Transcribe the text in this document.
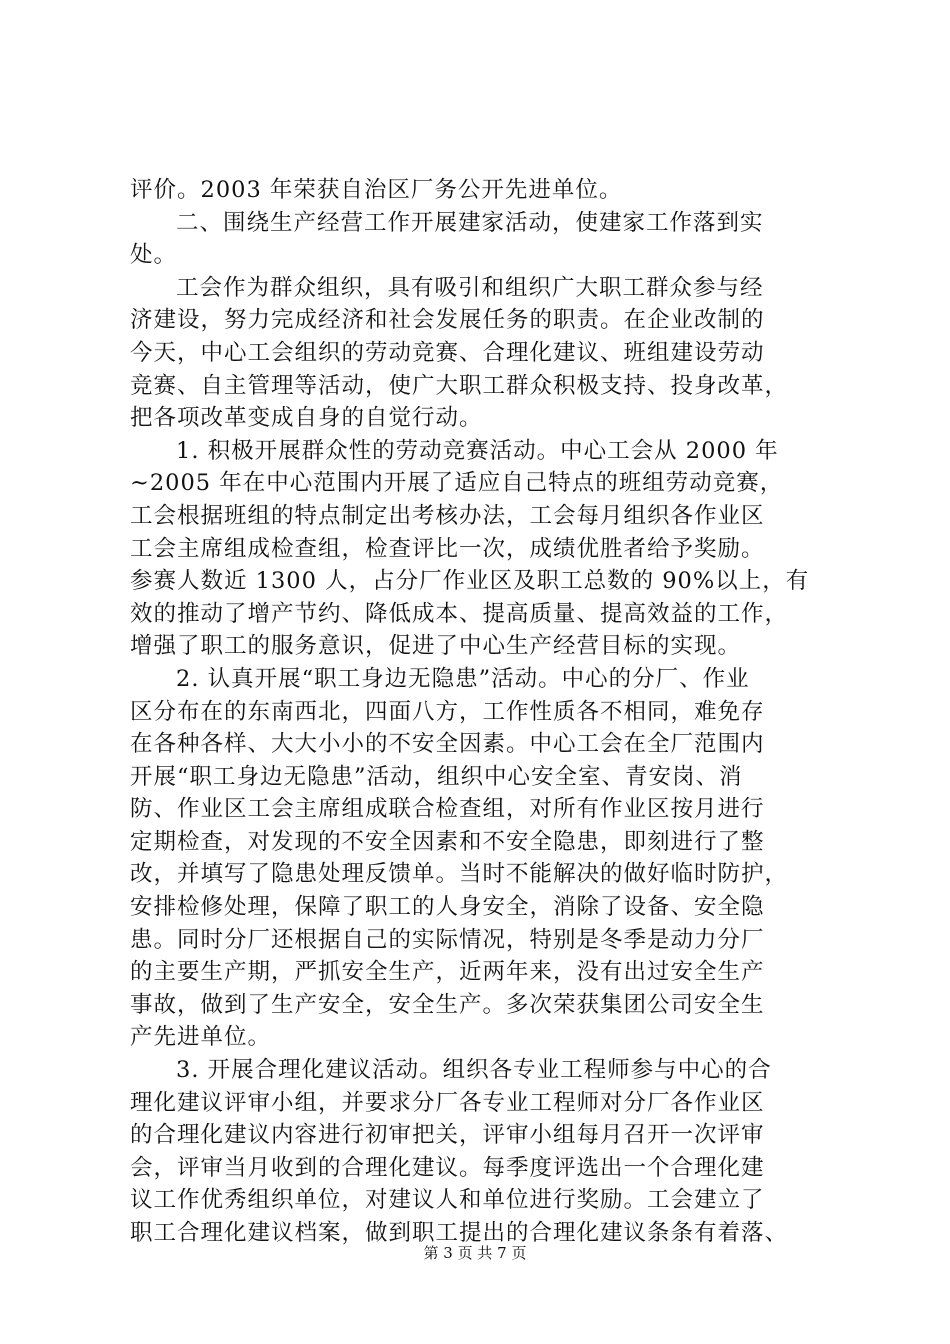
评价。2003 年荣获自治区厂务公开先进单位。
二、围绕生产经营工作开展建家活动，使建家工作落到实
处。
工会作为群众组织，具有吸引和组织广大职工群众参与经
济建设，努力完成经济和社会发展任务的职责。在企业改制的
今天，中心工会组织的劳动竞赛、合理化建议、班组建设劳动
竞赛、自主管理等活动，使广大职工群众积极支持、投身改革，
把各项改革变成自身的自觉行动。
1. 积极开展群众性的劳动竞赛活动。中心工会从 2000 年
~2005 年在中心范围内开展了适应自己特点的班组劳动竞赛，
工会根据班组的特点制定出考核办法，工会每月组织各作业区
工会主席组成检查组，检查评比一次，成绩优胜者给予奖励。
参赛人数近 1300 人，占分厂作业区及职工总数的 90%以上，有
效的推动了增产节约、降低成本、提高质量、提高效益的工作，
增强了职工的服务意识，促进了中心生产经营目标的实现。
2. 认真开展“职工身边无隐患”活动。中心的分厂、作业
区分布在的东南西北，四面八方，工作性质各不相同，难免存
在各种各样、大大小小的不安全因素。中心工会在全厂范围内
开展“职工身边无隐患”活动，组织中心安全室、青安岗、消
防、作业区工会主席组成联合检查组，对所有作业区按月进行
定期检查，对发现的不安全因素和不安全隐患，即刻进行了整
改，并填写了隐患处理反馈单。当时不能解决的做好临时防护，
安排检修处理，保障了职工的人身安全，消除了设备、安全隐
患。同时分厂还根据自己的实际情况，特别是冬季是动力分厂
的主要生产期，严抓安全生产，近两年来，没有出过安全生产
事故，做到了生产安全，安全生产。多次荣获集团公司安全生
产先进单位。
3. 开展合理化建议活动。组织各专业工程师参与中心的合
理化建议评审小组，并要求分厂各专业工程师对分厂各作业区
的合理化建议内容进行初审把关，评审小组每月召开一次评审
会，评审当月收到的合理化建议。每季度评选出一个合理化建
议工作优秀组织单位，对建议人和单位进行奖励。工会建立了
职工合理化建议档案，做到职工提出的合理化建议条条有着落、
第 3 页 共 7 页
